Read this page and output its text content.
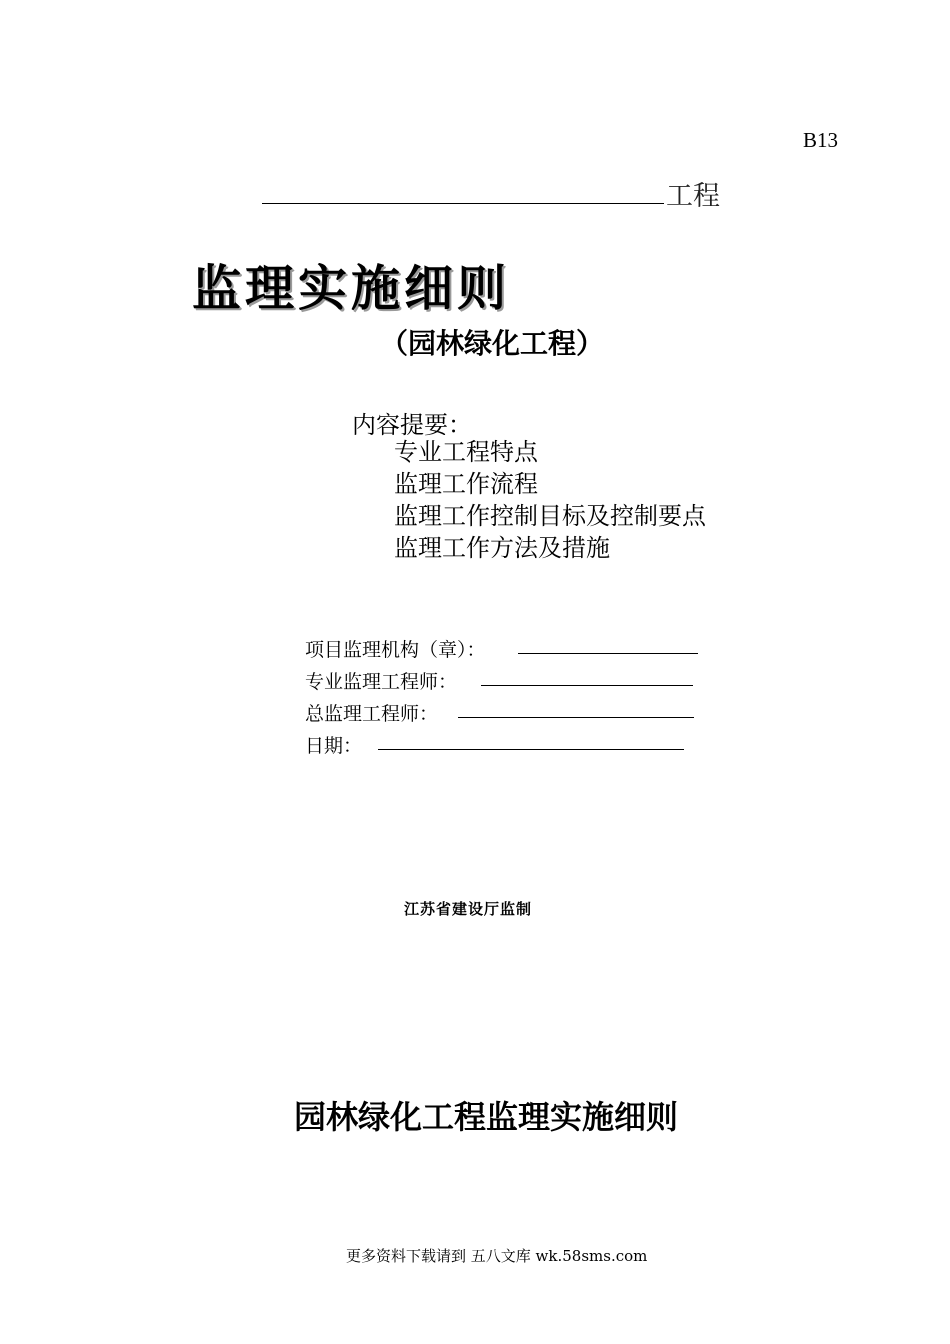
B13
工程
监理实施细则
（园林绿化工程）
内容提要：
专业工程特点
监理工作流程
监理工作控制目标及控制要点
监理工作方法及措施
项目监理机构（章）：
专业监理工程师：
总监理工程师：
日期：
江苏省建设厅监制
园林绿化工程监理实施细则
更多资料下载请到 五八文库 wk.58sms.com
